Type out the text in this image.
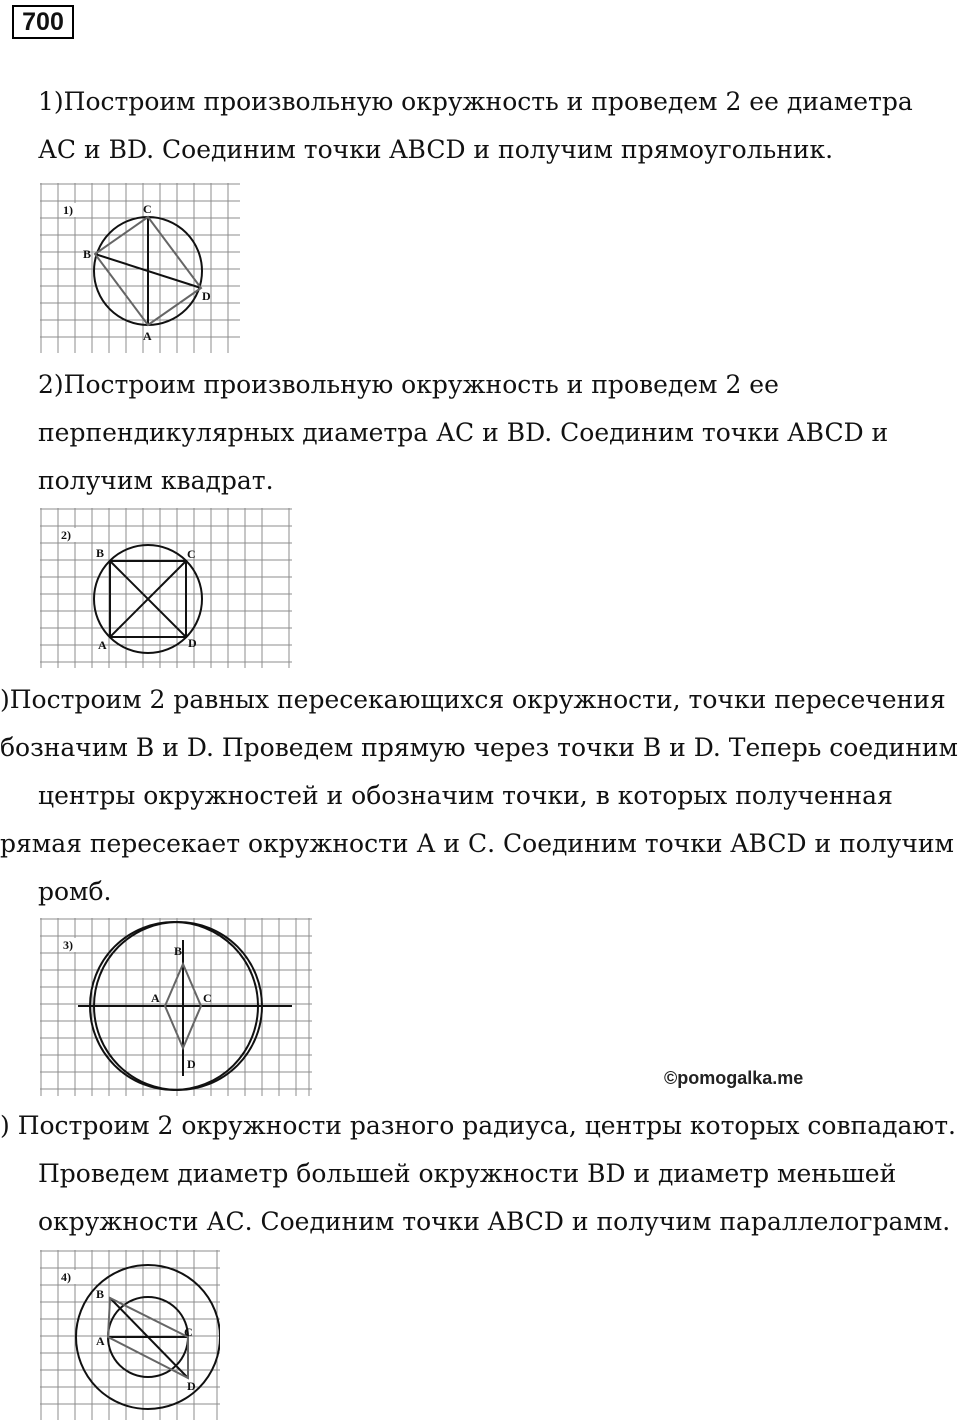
700
1)Построим произвольную окружность и проведем 2 ее диаметра
АС и BD. Соединим точки ABCD и получим прямоугольник.
1)	C
B
D
A
2)Построим произвольную окружность и проведем 2 ее
перпендикулярных диаметра АС и BD. Соединим точки ABCD и
получим квадрат.
2)
B	C
A	D
)Построим 2 равных пересекающихся окружности, точки пересечения
бозначим В и D. Проведем прямую через точки В и D. Теперь соединим
центры окружностей и обозначим точки, в которых полученная
рямая пересекает окружности А и С. Соединим точки ABCD и получим
ромб.
3)	B
A	C
D
©pomogalka.me
) Построим 2 окружности разного радиуса, центры которых совпадают.
Проведем диаметр большей окружности BD и диаметр меньшей
окружности АС. Соединим точки ABCD и получим параллелограмм.
4)
B
A
C
D
